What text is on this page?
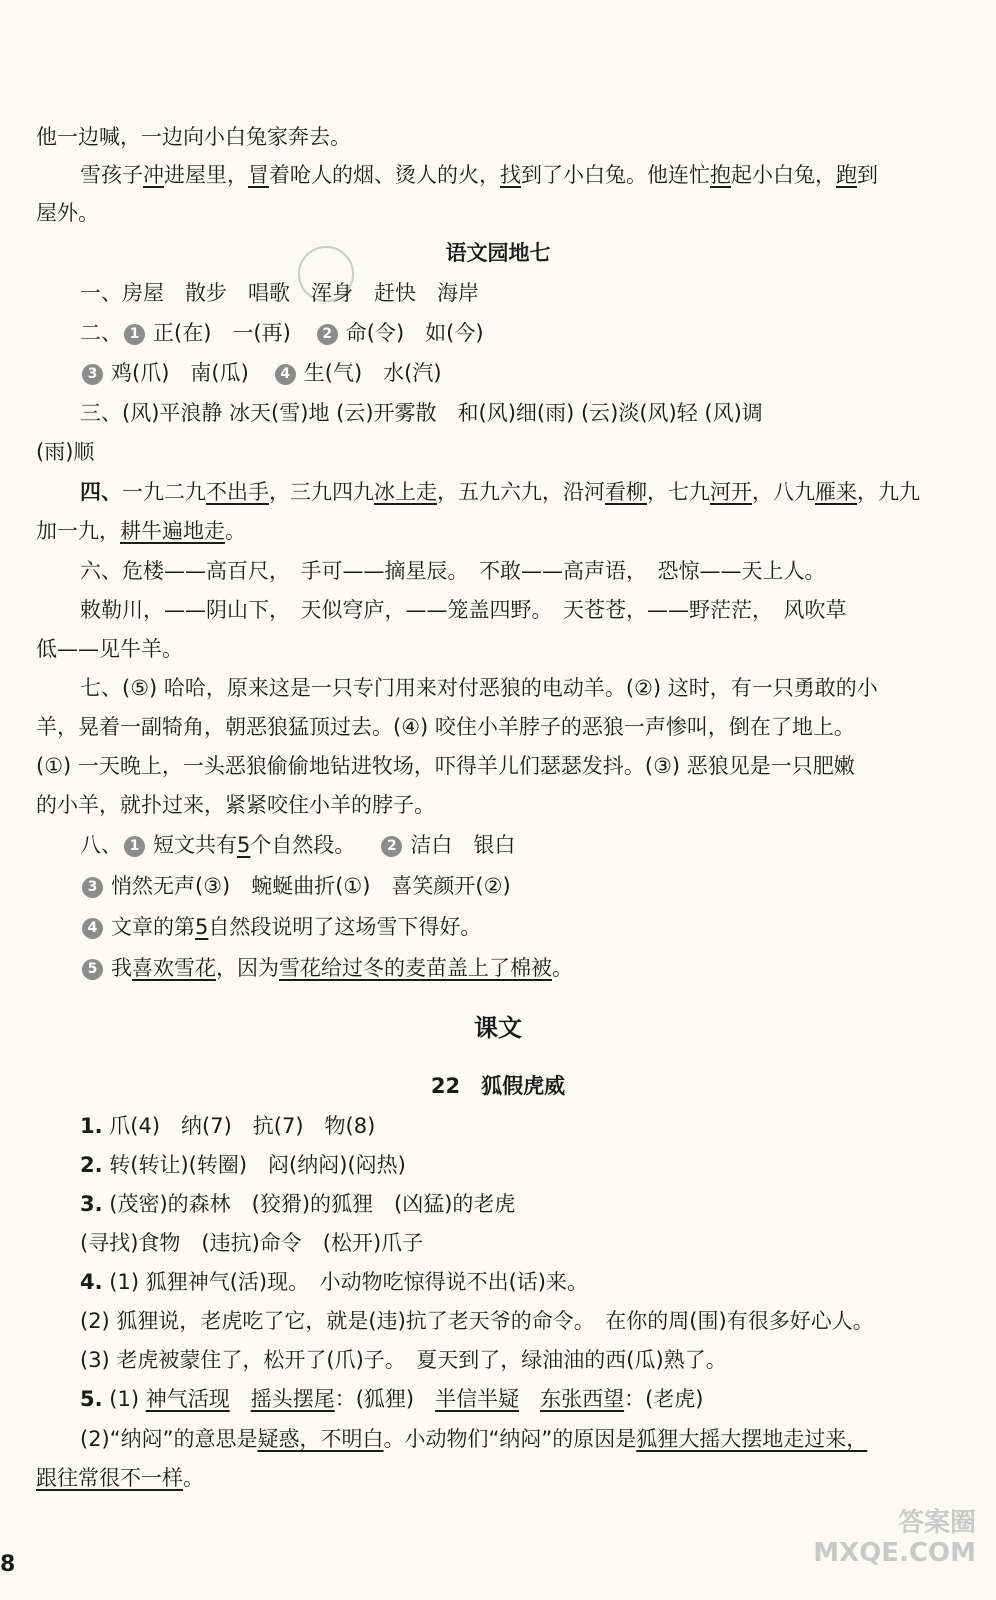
他一边喊，一边向小白兔家奔去。
雪孩子冲进屋里，冒着呛人的烟、烫人的火，找到了小白兔。他连忙抱起小白兔，跑到
屋外。
语文园地七
一、房屋　散步　唱歌　浑身　赶快　海岸
二、 1 正(在)　一(再) 2 命(令)　如(今)
3 鸡(爪)　南(瓜) 4 生(气)　水(汽)
三、(风)平浪静 冰天(雪)地 (云)开雾散　和(风)细(雨) (云)淡(风)轻 (风)调
(雨)顺
四、一九二九不出手，三九四九冰上走，五九六九，沿河看柳，七九河开，八九雁来，九九
加一九，耕牛遍地走。
六、危楼——高百尺，　手可——摘星辰。　不敢——高声语，　恐惊——天上人。
敕勒川，——阴山下，　天似穹庐，——笼盖四野。　天苍苍，——野茫茫，　风吹草
低——见牛羊。
七、(⑤) 哈哈，原来这是一只专门用来对付恶狼的电动羊。(②) 这时，有一只勇敢的小
羊，晃着一副犄角，朝恶狼猛顶过去。(④) 咬住小羊脖子的恶狼一声惨叫，倒在了地上。
(①) 一天晚上，一头恶狼偷偷地钻进牧场，吓得羊儿们瑟瑟发抖。(③) 恶狼见是一只肥嫩
的小羊，就扑过来，紧紧咬住小羊的脖子。
八、 1 短文共有5个自然段。 2 洁白　银白
3 悄然无声(③)　蜿蜒曲折(①)　喜笑颜开(②)
4 文章的第5自然段说明了这场雪下得好。
5 我喜欢雪花，因为雪花给过冬的麦苗盖上了棉被。
课文
22　狐假虎威
1. 爪(4)　纳(7)　抗(7)　物(8)
2. 转(转让)(转圈)　闷(纳闷)(闷热)
3. (茂密)的森林　(狡猾)的狐狸　(凶猛)的老虎
(寻找)食物　(违抗)命令　(松开)爪子
4. (1) 狐狸神气(活)现。　小动物吃惊得说不出(话)来。
(2) 狐狸说，老虎吃了它，就是(违)抗了老天爷的命令。　在你的周(围)有很多好心人。
(3) 老虎被蒙住了，松开了(爪)子。　夏天到了，绿油油的西(瓜)熟了。
5. (1) 神气活现　 摇头摆尾：(狐狸)　半信半疑　 东张西望：(老虎)
(2)“纳闷”的意思是疑惑，不明白。小动物们“纳闷”的原因是狐狸大摇大摆地走过来，
跟往常很不一样。
8
答案圈
MXQE.COM
